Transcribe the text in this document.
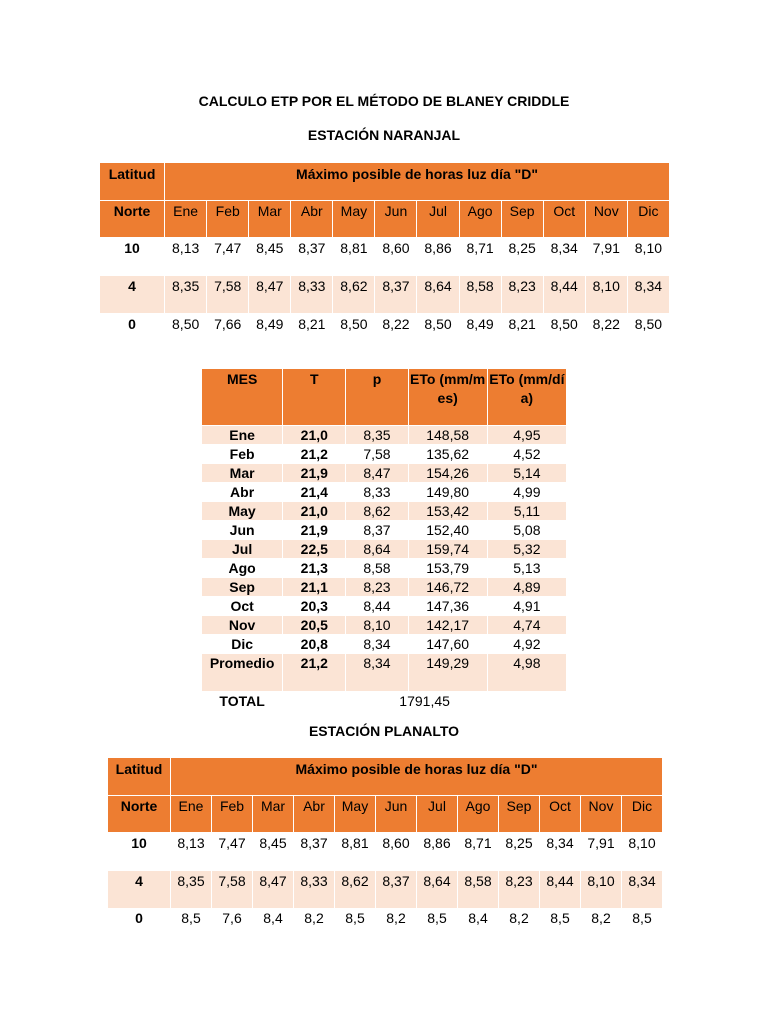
CALCULO ETP POR EL MÉTODO DE BLANEY CRIDDLE
ESTACIÓN NARANJAL
Latitud	Máximo posible de horas luz día "D"											
Norte	Ene	Feb	Mar	Abr	May	Jun	Jul	Ago	Sep	Oct	Nov	Dic
10	8,13	7,47	8,45	8,37	8,81	8,60	8,86	8,71	8,25	8,34	7,91	8,10
4	8,35	7,58	8,47	8,33	8,62	8,37	8,64	8,58	8,23	8,44	8,10	8,34
0	8,50	7,66	8,49	8,21	8,50	8,22	8,50	8,49	8,21	8,50	8,22	8,50
MES	T	p	ETo (mm/mes)	ETo (mm/día)
Ene	21,0	8,35	148,58	4,95
Feb	21,2	7,58	135,62	4,52
Mar	21,9	8,47	154,26	5,14
Abr	21,4	8,33	149,80	4,99
May	21,0	8,62	153,42	5,11
Jun	21,9	8,37	152,40	5,08
Jul	22,5	8,64	159,74	5,32
Ago	21,3	8,58	153,79	5,13
Sep	21,1	8,23	146,72	4,89
Oct	20,3	8,44	147,36	4,91
Nov	20,5	8,10	142,17	4,74
Dic	20,8	8,34	147,60	4,92
Promedio	21,2	8,34	149,29	4,98
TOTAL	1791,45			
ESTACIÓN PLANALTO
Latitud	Máximo posible de horas luz día "D"											
Norte	Ene	Feb	Mar	Abr	May	Jun	Jul	Ago	Sep	Oct	Nov	Dic
10	8,13	7,47	8,45	8,37	8,81	8,60	8,86	8,71	8,25	8,34	7,91	8,10
4	8,35	7,58	8,47	8,33	8,62	8,37	8,64	8,58	8,23	8,44	8,10	8,34
0	8,5	7,6	8,4	8,2	8,5	8,2	8,5	8,4	8,2	8,5	8,2	8,5
